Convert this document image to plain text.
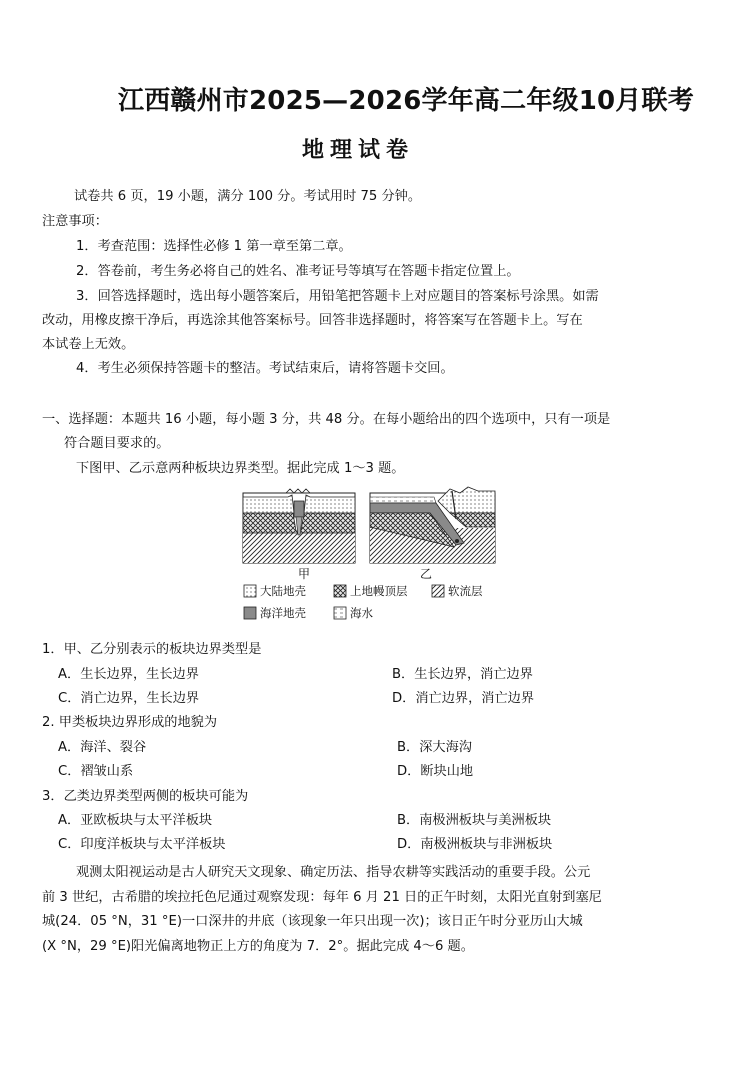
江西赣州市2025—2026学年高二年级10月联考
地理试卷
试卷共 6 页，19 小题，满分 100 分。考试用时 75 分钟。
注意事项：
1．考查范围：选择性必修 1 第一章至第二章。
2．答卷前，考生务必将自己的姓名、准考证号等填写在答题卡指定位置上。
3．回答选择题时，选出每小题答案后，用铅笔把答题卡上对应题目的答案标号涂黑。如需
改动，用橡皮擦干净后，再选涂其他答案标号。回答非选择题时，将答案写在答题卡上。写在
本试卷上无效。
4．考生必须保持答题卡的整洁。考试结束后，请将答题卡交回。
一、选择题：本题共 16 小题，每小题 3 分，共 48 分。在每小题给出的四个选项中，只有一项是
符合题目要求的。
下图甲、乙示意两种板块边界类型。据此完成 1～3 题。
甲	乙
大陆地壳	上地幔顶层	软流层
海洋地壳	海水
1．甲、乙分别表示的板块边界类型是
A．生长边界，生长边界	B．生长边界，消亡边界
C．消亡边界，生长边界	D．消亡边界，消亡边界
2. 甲类板块边界形成的地貌为
A．海洋、裂谷	B．深大海沟
C．褶皱山系	D．断块山地
3．乙类边界类型两侧的板块可能为
A．亚欧板块与太平洋板块	B．南极洲板块与美洲板块
C．印度洋板块与太平洋板块	D．南极洲板块与非洲板块
观测太阳视运动是古人研究天文现象、确定历法、指导农耕等实践活动的重要手段。公元
前 3 世纪，古希腊的埃拉托色尼通过观察发现：每年 6 月 21 日的正午时刻，太阳光直射到塞尼
城(24．05 °N，31 °E)一口深井的井底（该现象一年只出现一次)；该日正午时分亚历山大城
(X °N，29 °E)阳光偏离地物正上方的角度为 7．2°。据此完成 4～6 题。
